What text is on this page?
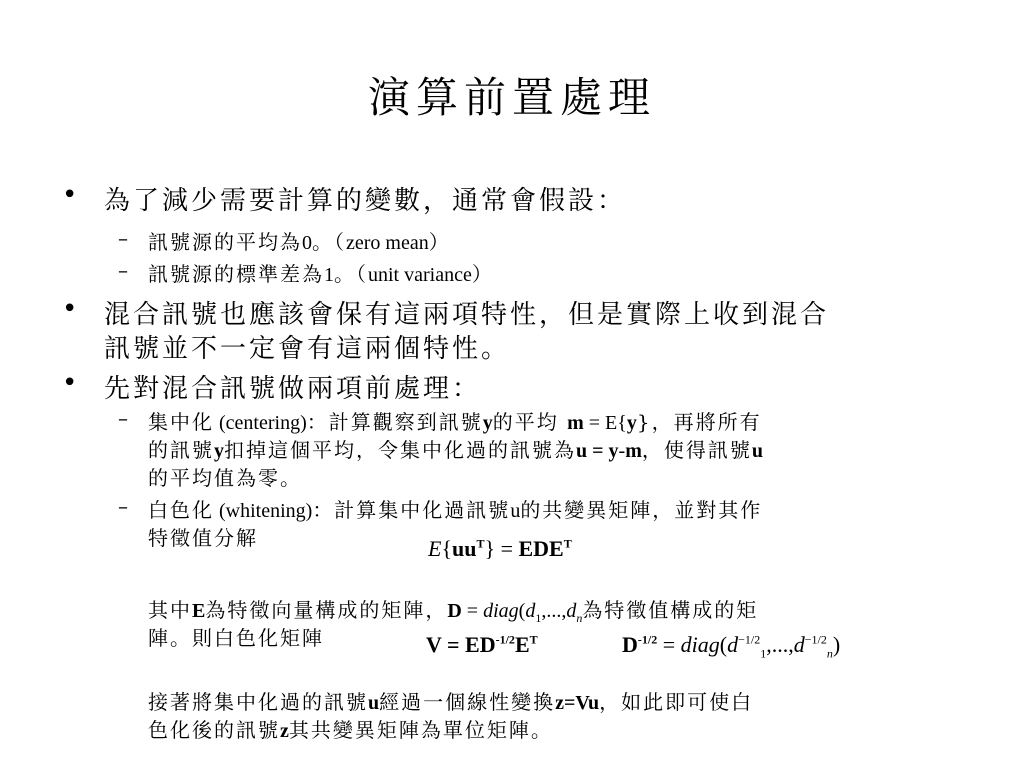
演算前置處理
• 為了減少需要計算的變數，通常會假設：
– 訊號源的平均為0。（zero mean）
– 訊號源的標準差為1。（unit variance）
• 混合訊號也應該會保有這兩項特性，但是實際上收到混合
訊號並不一定會有這兩個特性。
• 先對混合訊號做兩項前處理：
– 集中化 (centering)：計算觀察到訊號y的平均 m = E{y}，再將所有
的訊號y扣掉這個平均，令集中化過的訊號為u = y-m，使得訊號u
的平均值為零。
– 白色化 (whitening)：計算集中化過訊號u的共變異矩陣，並對其作
特徵值分解	$E\{uu^T\} = EDE^T$
其中E為特徵向量構成的矩陣，$D = diag(d_1,...,d_n$為特徵值構成的矩
陣。則白色化矩陣	$V = ED^{-1/2}E^T$	$D^{-1/2}$ = $diag(d^{-1/2}_1,...,d^{-1/2}_n)$
接著將集中化過的訊號u經過一個線性變換z=Vu，如此即可使白
色化後的訊號z其共變異矩陣為單位矩陣。
